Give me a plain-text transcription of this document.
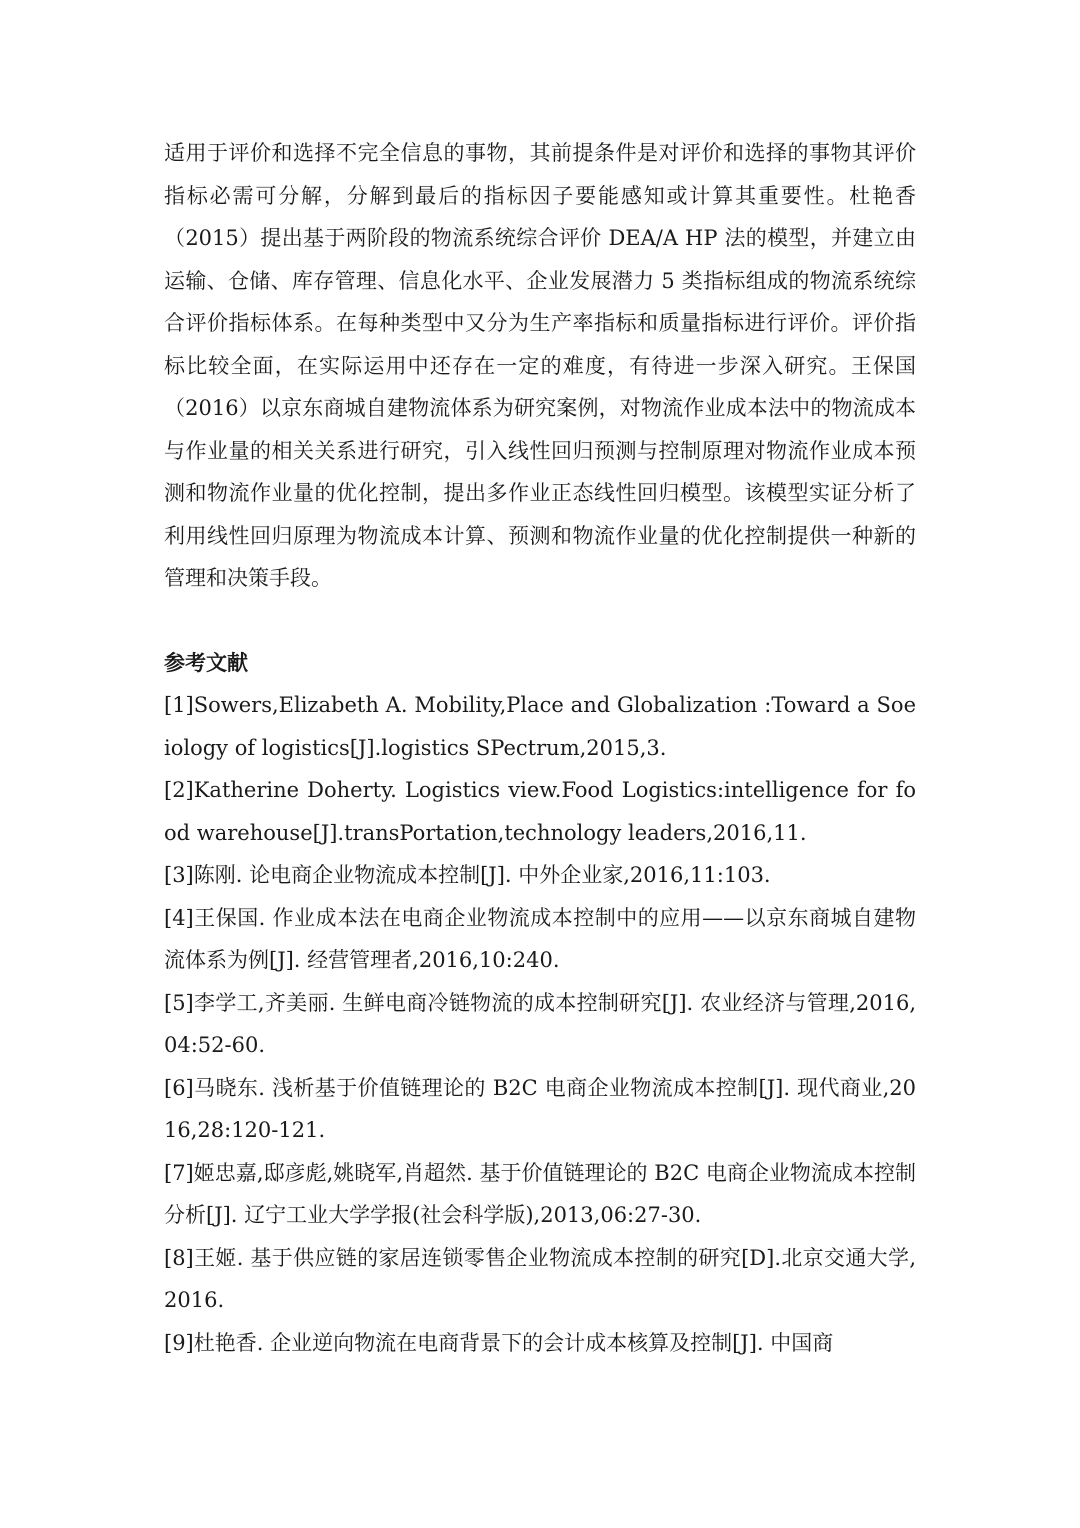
适用于评价和选择不完全信息的事物，其前提条件是对评价和选择的事物其评价指标必需可分解，分解到最后的指标因子要能感知或计算其重要性。杜艳香（2015）提出基于两阶段的物流系统综合评价 DEA/A HP 法的模型，并建立由运输、仓储、库存管理、信息化水平、企业发展潜力 5 类指标组成的物流系统综合评价指标体系。在每种类型中又分为生产率指标和质量指标进行评价。评价指标比较全面，在实际运用中还存在一定的难度，有待进一步深入研究。王保国（2016）以京东商城自建物流体系为研究案例，对物流作业成本法中的物流成本与作业量的相关关系进行研究，引入线性回归预测与控制原理对物流作业成本预测和物流作业量的优化控制，提出多作业正态线性回归模型。该模型实证分析了利用线性回归原理为物流成本计算、预测和物流作业量的优化控制提供一种新的管理和决策手段。

参考文献
[1]Sowers,Elizabeth A. Mobility,Place and Globalization :Toward a Soeiology of logistics[J].logistics SPectrum,2015,3.
[2]Katherine Doherty. Logistics view.Food Logistics:intelligence for food warehouse[J].transPortation,technology leaders,2016,11.
[3]陈刚. 论电商企业物流成本控制[J]. 中外企业家,2016,11:103.
[4]王保国. 作业成本法在电商企业物流成本控制中的应用——以京东商城自建物流体系为例[J]. 经营管理者,2016,10:240.
[5]李学工,齐美丽. 生鲜电商冷链物流的成本控制研究[J]. 农业经济与管理,2016,04:52-60.
[6]马晓东. 浅析基于价值链理论的 B2C 电商企业物流成本控制[J]. 现代商业,2016,28:120-121.
[7]姬忠嘉,邸彦彪,姚晓军,肖超然. 基于价值链理论的 B2C 电商企业物流成本控制分析[J]. 辽宁工业大学学报(社会科学版),2013,06:27-30.
[8]王姬. 基于供应链的家居连锁零售企业物流成本控制的研究[D].北京交通大学,2016.
[9]杜艳香. 企业逆向物流在电商背景下的会计成本核算及控制[J]. 中国商
